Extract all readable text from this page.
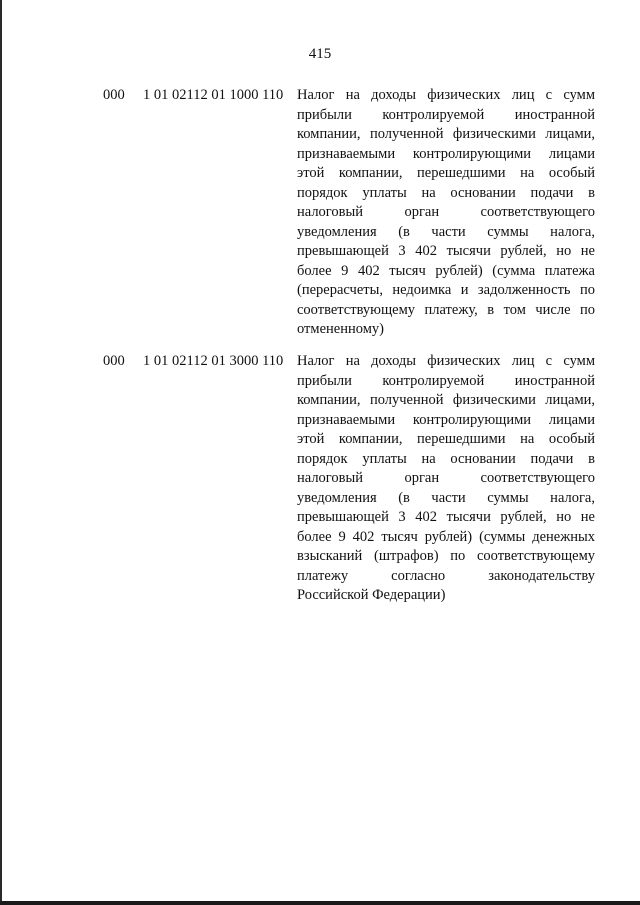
415
000 1 01 02112 01 1000 110 Налог на доходы физических лиц с сумм
прибыли контролируемой иностранной
компании, полученной физическими лицами,
признаваемыми контролирующими лицами
этой компании, перешедшими на особый
порядок уплаты на основании подачи в
налоговый орган соответствующего
уведомления (в части суммы налога,
превышающей 3 402 тысячи рублей, но не
более 9 402 тысяч рублей) (сумма платежа
(перерасчеты, недоимка и задолженность по
соответствующему платежу, в том числе по
отмененному)
000 1 01 02112 01 3000 110 Налог на доходы физических лиц с сумм
прибыли контролируемой иностранной
компании, полученной физическими лицами,
признаваемыми контролирующими лицами
этой компании, перешедшими на особый
порядок уплаты на основании подачи в
налоговый орган соответствующего
уведомления (в части суммы налога,
превышающей 3 402 тысячи рублей, но не
более 9 402 тысяч рублей) (суммы денежных
взысканий (штрафов) по соответствующему
платежу согласно законодательству
Российской Федерации)
